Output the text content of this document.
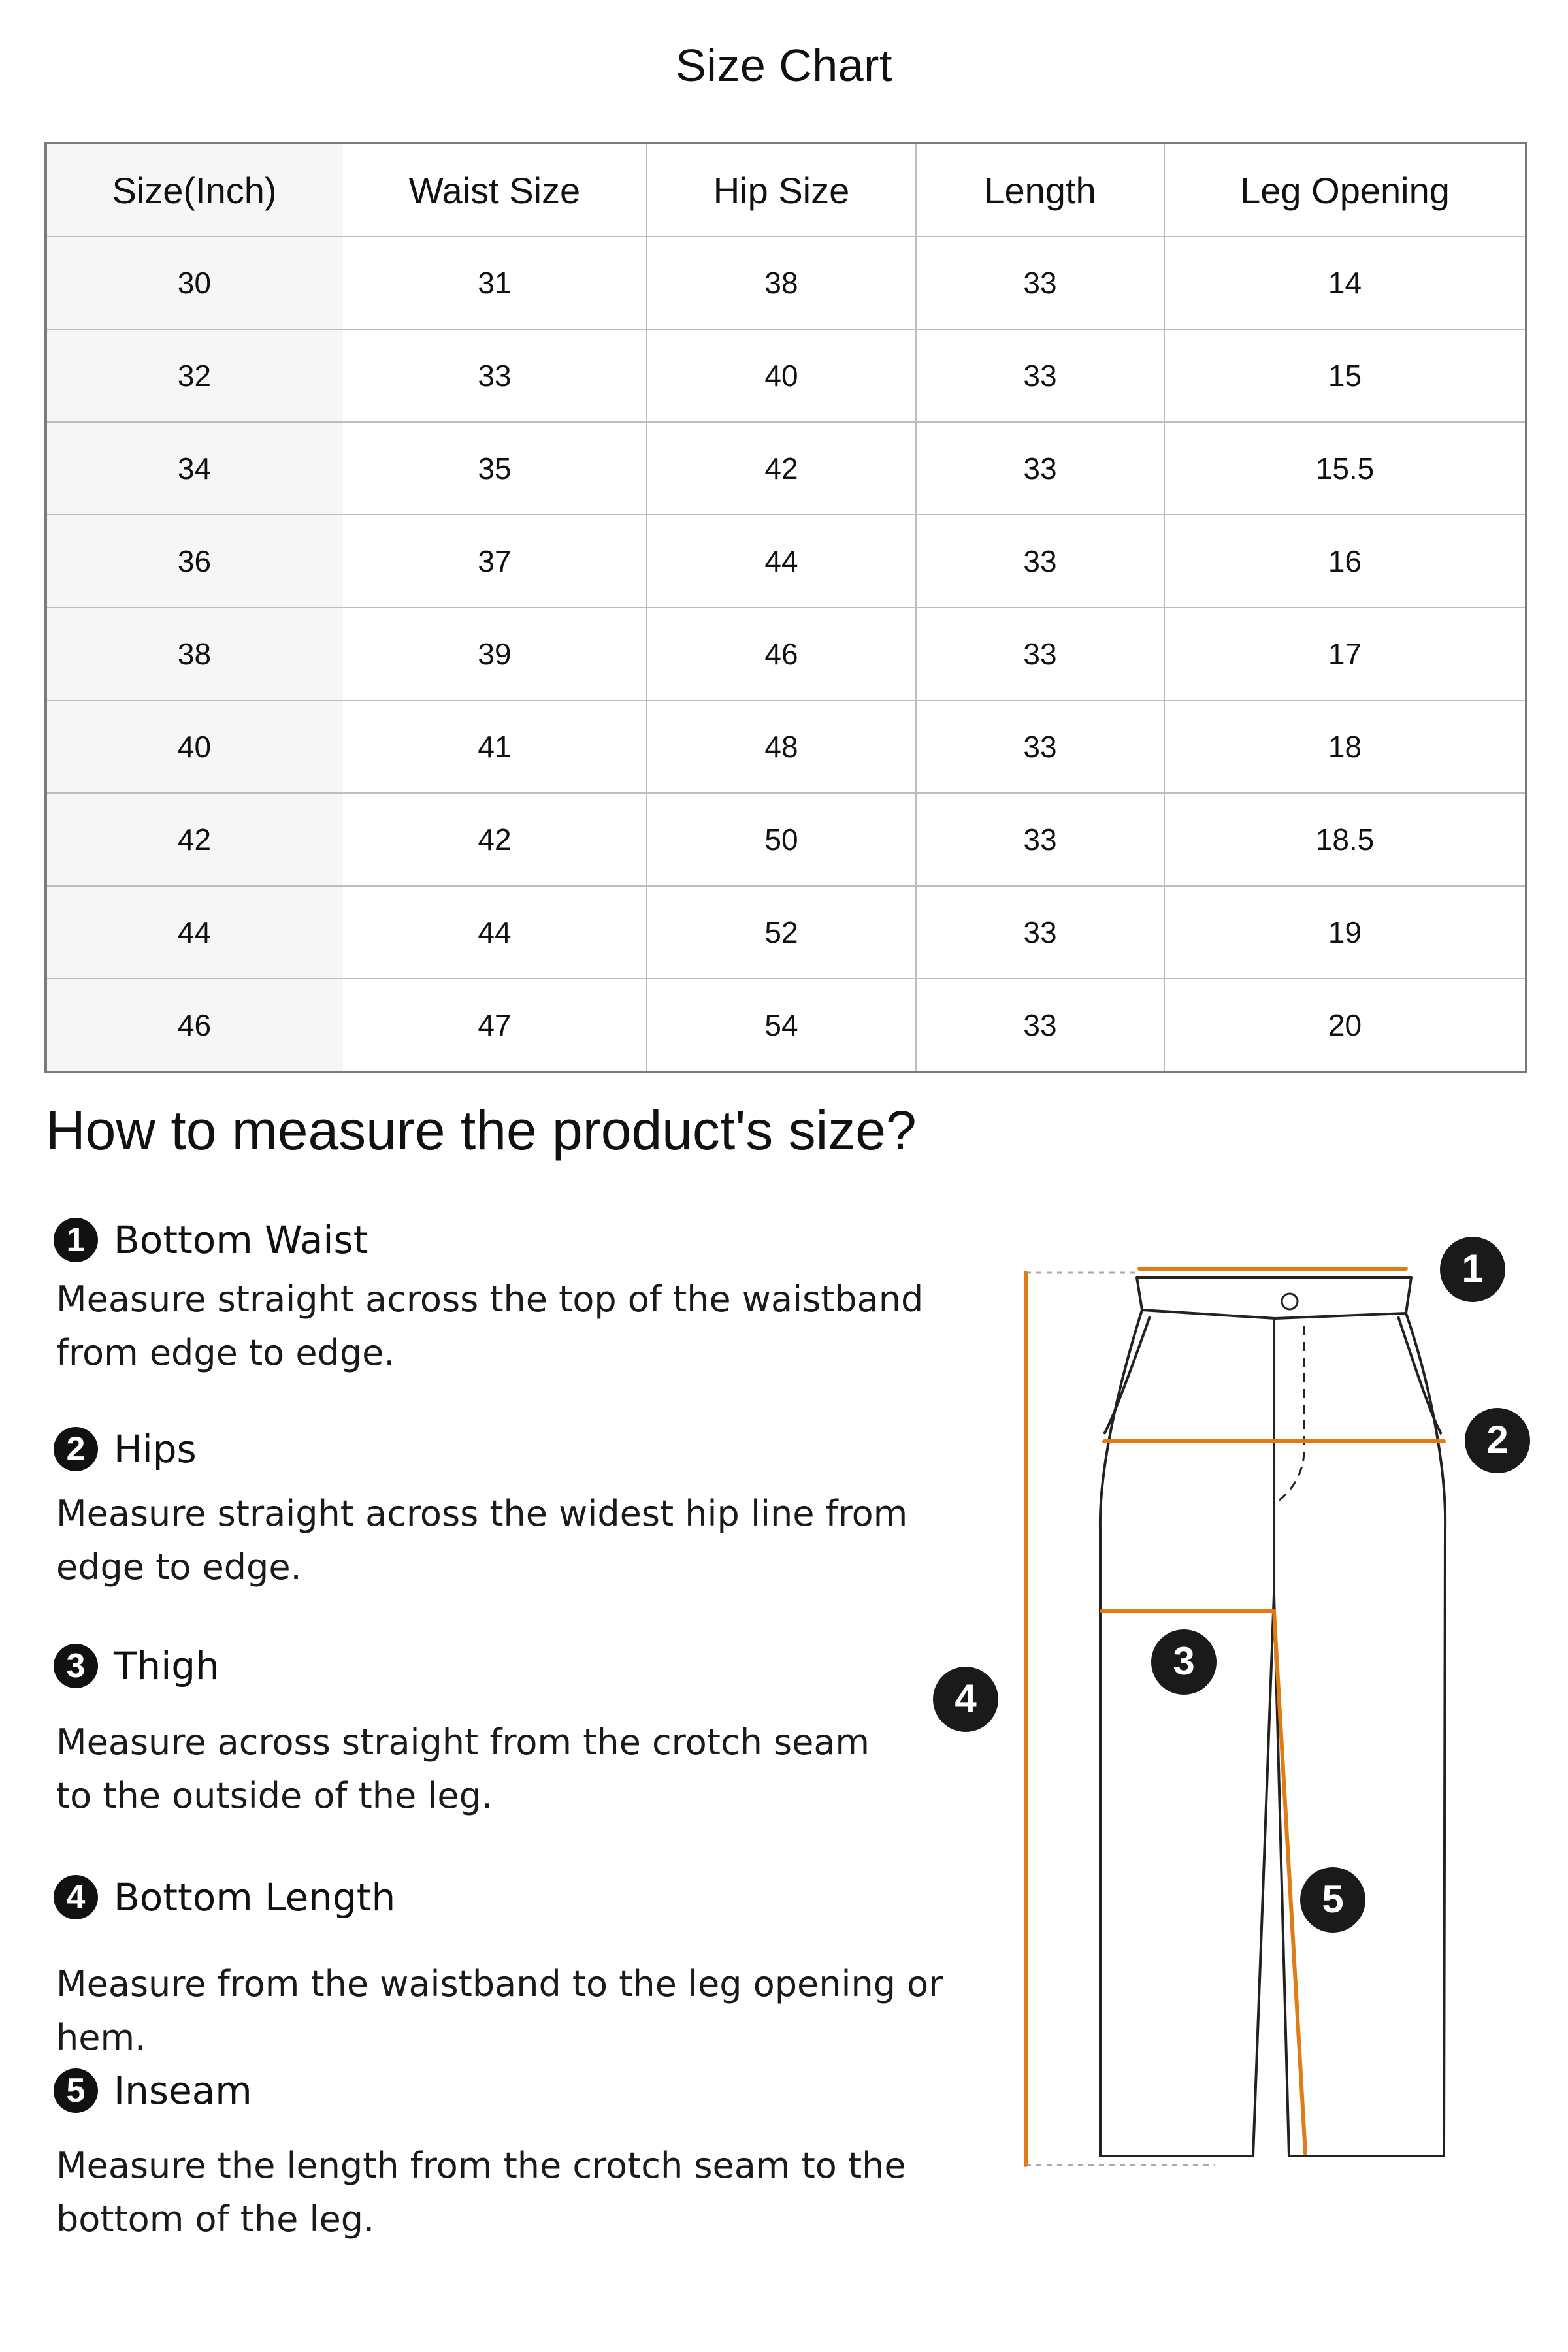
Size Chart
Size(Inch)	Waist Size	Hip Size	Length	Leg Opening
30	31	38	33	14
32	33	40	33	15
34	35	42	33	15.5
36	37	44	33	16
38	39	46	33	17
40	41	48	33	18
42	42	50	33	18.5
44	44	52	33	19
46	47	54	33	20
How to measure the product's size?
1 Bottom Waist
Measure straight across the top of the waistband
from edge to edge.
2 Hips
Measure straight across the widest hip line from
edge to edge.
3 Thigh
Measure across straight from the crotch seam
to the outside of the leg.
4 Bottom Length
Measure from the waistband to the leg opening or hem.
5 Inseam
Measure the length from the crotch seam to the
bottom of the leg.
1
2
3
4
5
